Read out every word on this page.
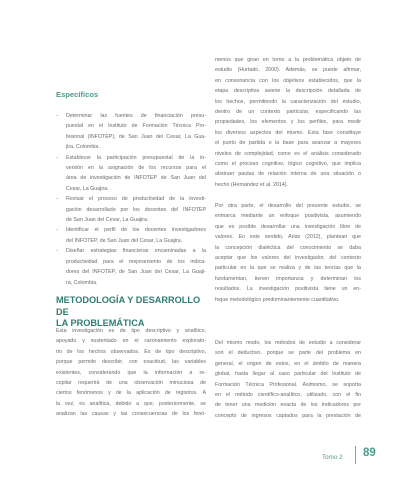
Específicos
- Determinar las fuentes de financiación presu-
puestal en el Instituto de Formación Técnica Pro-
fesional (INFOTEP), de San Juan del Cesar, La Gua-
jira, Colombia.
- Establecer la participación presupuestal de la in-
versión en la asignación de los recursos para el
área de investigación de INFOTEP de San Juan del
Cesar, La Guajira.
- Revisar el proceso de productividad de la investi-
gación desarrollado por los docentes del INFOTEP
de San Juan del Cesar, La Guajira.
- Identificar el perfil de los docentes investigadores
del INFOTEP, de San Juan del Cesar, La Guajira.
- Diseñar estrategias financieras encaminadas a la
productividad para el mejoramiento de los indica-
dores del INFOTEP, de San Juan del Cesar, La Guaji-
ra, Colombia.
METODOLOGÍA Y DESARROLLO DE
LA PROBLEMÁTICA
Esta investigación es de tipo descriptivo y analítico,
apoyado y sustentado en el razonamiento explorato-
rio de los hechos observados. Es de tipo descriptivo,
porque permite describir, con exactitud, las variables
existentes, considerando que la información a re-
copilar requerirá de una observación minuciosa de
ciertos fenómenos y de la aplicación de registros. A
la vez, es analítica, debido a que, posteriormente, se
analizan las causas y las consecuencias de los fenó-
menos que giran en torno a la problemática objeto de
estudio (Hurtado, 2000). Además, se puede afirmar,
en consonancia con los objetivos establecidos, que la
etapa descriptiva aviene la descripción detallada de
los hechos, permitiendo la caracterización del estudio,
dentro de un contexto particular, especificando las
propiedades, los elementos y los perfiles, para medir
los diversos aspectos del mismo. Esta fase constituye
el punto de partida o la base para avanzar a mayores
niveles de complejidad, como es el análisis considerado
como el proceso cognitivo, lógico cognitivo, que implica
abstraer pautas de relación interna de una situación o
hecho (Hernández et al. 2014).
Por otra parte, el desarrollo del presente estudio, se
enmarca mediante un enfoque positivista, asumiendo
que es posible desarrollar una investigación libre de
valores. En este sentido, Arias (2012), plantean que
la concepción dialéctica del conocimiento se daba
aceptar que los valores del investigador, del contexto
particular en la que se realiza y de las teorías que la
fundamentan, tienen importancia y determinan los
resultados. La investigación positivista tiene un en-
foque metodológico predominantemente cuantitativo.
Del mismo modo, los métodos de estudio a considerar
son el deductivo, porque se parte del problema en
general, el origen de estos, en el ámbito de manera
global, hasta llegar al caso particular del Instituto de
Formación Técnica Profesional. Asimismo, se soporta
en el método científico-analítico, utilizado, con el fin
de tener una medición exacta de los indicadores por
concepto de ingresos captados para la prestación de
Tomo 2 89
